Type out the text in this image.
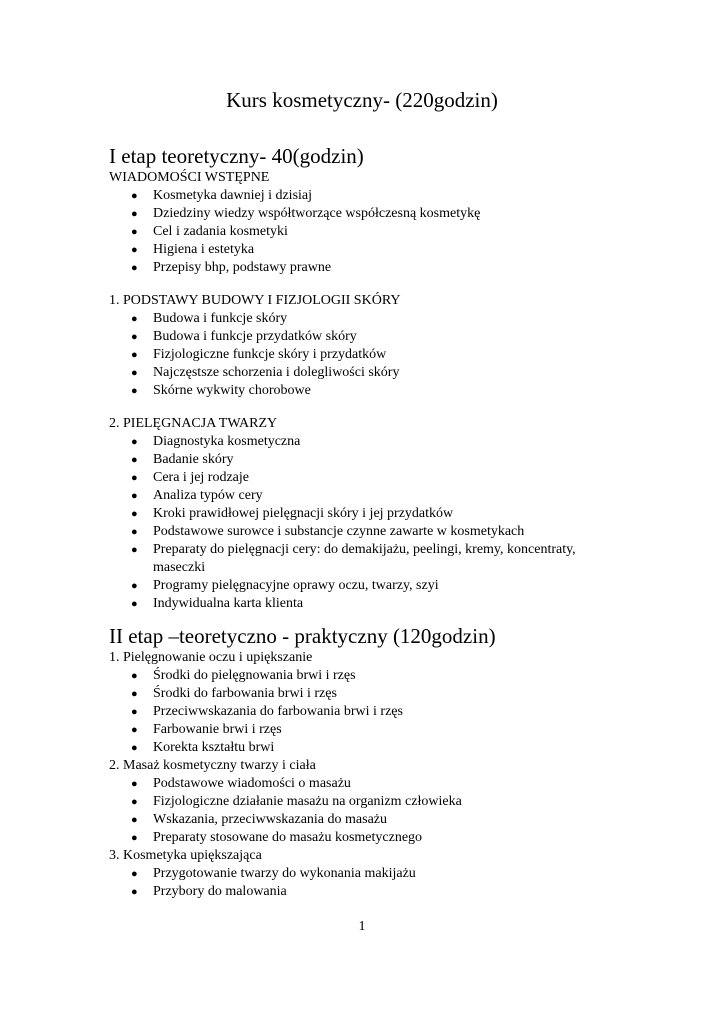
Kurs kosmetyczny- (220godzin)
I etap teoretyczny- 40(godzin)

WIADOMOŚCI WSTĘPNE

● Kosmetyka dawniej i dzisiaj
● Dziedziny wiedzy współtworzące współczesną kosmetykę
● Cel i zadania kosmetyki
● Higiena i estetyka
● Przepisy bhp, podstawy prawne

1. PODSTAWY BUDOWY I FIZJOLOGII SKÓRY

● Budowa i funkcje skóry
● Budowa i funkcje przydatków skóry
● Fizjologiczne funkcje skóry i przydatków
● Najczęstsze schorzenia i dolegliwości skóry
● Skórne wykwity chorobowe

2. PIELĘGNACJA TWARZY

● Diagnostyka kosmetyczna
● Badanie skóry
● Cera i jej rodzaje
● Analiza typów cery
● Kroki prawidłowej pielęgnacji skóry i jej przydatków
● Podstawowe surowce i substancje czynne zawarte w kosmetykach
● Preparaty do pielęgnacji cery: do demakijażu, peelingi, kremy, koncentraty, maseczki
● Programy pielęgnacyjne oprawy oczu, twarzy, szyi
● Indywidualna karta klienta
II etap –teoretyczno - praktyczny (120godzin)

1. Pielęgnowanie oczu i upiększanie

● Środki do pielęgnowania brwi i rzęs
● Środki do farbowania brwi i rzęs
● Przeciwwskazania do farbowania brwi i rzęs
● Farbowanie brwi i rzęs
● Korekta kształtu brwi

2. Masaż kosmetyczny twarzy i ciała

● Podstawowe wiadomości o masażu
● Fizjologiczne działanie masażu na organizm człowieka
● Wskazania, przeciwwskazania do masażu
● Preparaty stosowane do masażu kosmetycznego

3. Kosmetyka upiększająca

● Przygotowanie twarzy do wykonania makijażu
● Przybory do malowania
1
